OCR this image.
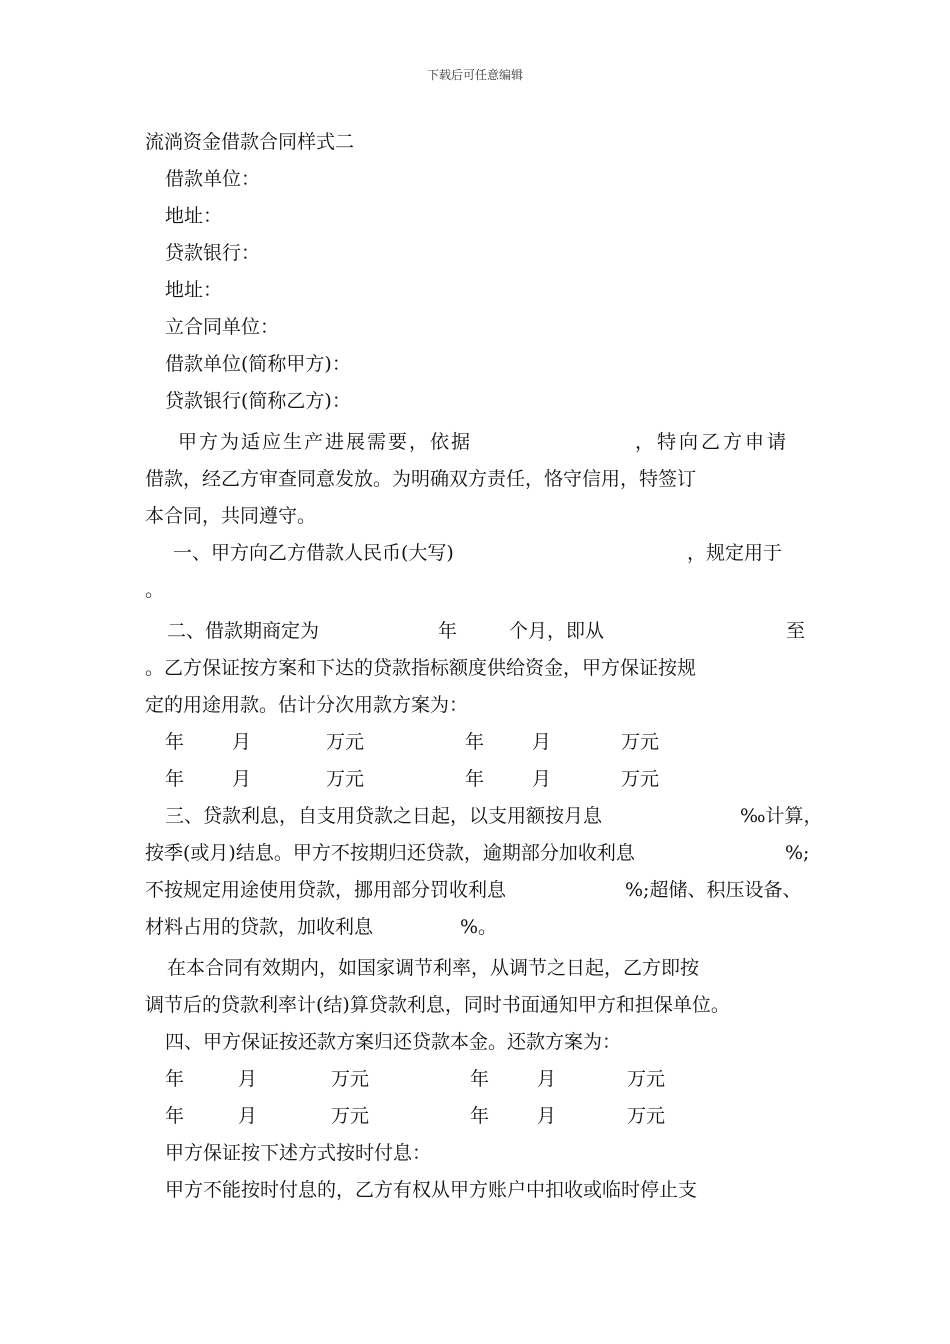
下载后可任意编辑
流淌资金借款合同样式二
借款单位：
地址：
贷款银行：
地址：
立合同单位：
借款单位(简称甲方)：
贷款银行(简称乙方)：
甲方为适应生产进展需要，依据	，特向乙方申请
借款，经乙方审查同意发放。为明确双方责任，恪守信用，特签订
本合同，共同遵守。
一、甲方向乙方借款人民币(大写)	，规定用于
。
二、借款期商定为	年	个月，即从	至
。乙方保证按方案和下达的贷款指标额度供给资金，甲方保证按规
定的用途用款。估计分次用款方案为：
年	月	万元	年	月	万元
年	月	万元	年	月	万元
三、贷款利息，自支用贷款之日起，以支用额按月息	‰计算，
按季(或月)结息。甲方不按期归还贷款，逾期部分加收利息	%;
不按规定用途使用贷款，挪用部分罚收利息	%;超储、积压设备、
材料占用的贷款，加收利息	%。
在本合同有效期内，如国家调节利率，从调节之日起，乙方即按
调节后的贷款利率计(结)算贷款利息，同时书面通知甲方和担保单位。
四、甲方保证按还款方案归还贷款本金。还款方案为：
年	月	万元	年	月	万元
年	月	万元	年	月	万元
甲方保证按下述方式按时付息：
甲方不能按时付息的，乙方有权从甲方账户中扣收或临时停止支
